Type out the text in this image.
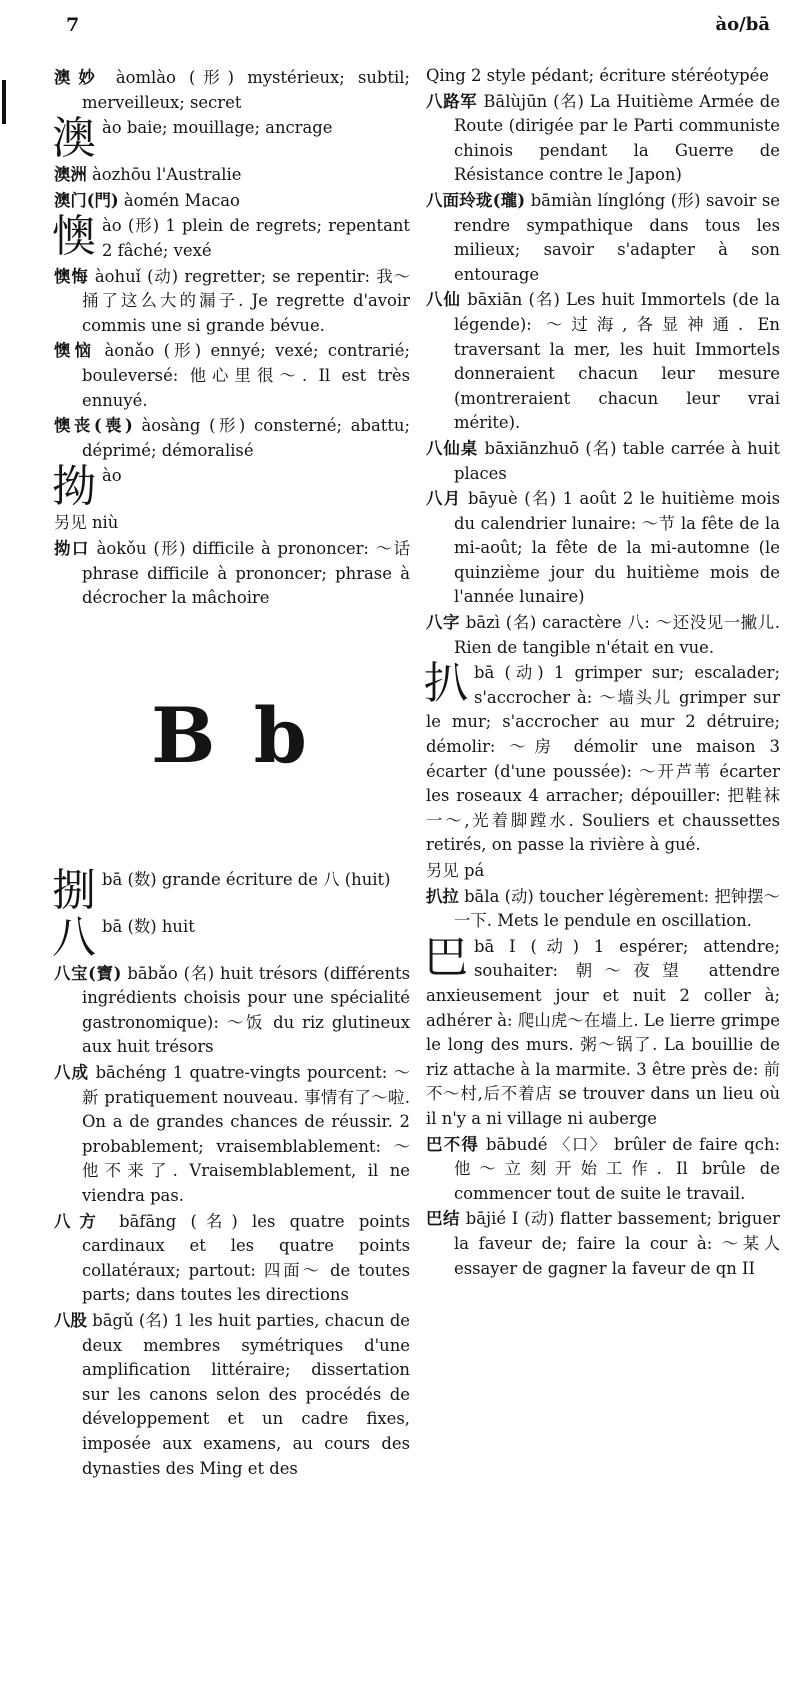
7	ào/bā
澳妙 àomlào (形) mystérieux; subtil; merveilleux; secret
澳ào baie; mouillage; ancrage
澳洲 àozhōu l'Australie
澳门(門) àomén Macao
懊ào (形) 1 plein de regrets; repentant 2 fâché; vexé
懊悔 àohuǐ (动) regretter; se repentir: 我～捅了这么大的漏子. Je regrette d'avoir commis une si grande bévue.
懊恼 àonǎo (形) ennyé; vexé; contrarié; bouleversé: 他心里很～. Il est très ennuyé.
懊丧(喪) àosàng (形) consterné; abattu; déprimé; démoralisé
拗ào
另见 niù
拗口 àokǒu (形) difficile à prononcer: ～话 phrase difficile à prononcer; phrase à décrocher la mâchoire
B b
捌bā (数) grande écriture de 八 (huit)
八bā (数) huit
八宝(寶) bābǎo (名) huit trésors (différents ingrédients choisis pour une spécialité gastronomique): ～饭 du riz glutineux aux huit trésors
八成 bāchéng 1 quatre-vingts pourcent: ～新 pratiquement nouveau. 事情有了～啦. On a de grandes chances de réussir. 2 probablement; vraisemblablement: ～他不来了. Vraisemblablement, il ne viendra pas.
八方 bāfāng (名) les quatre points cardinaux et les quatre points collatéraux; partout: 四面～ de toutes parts; dans toutes les directions
八股 bāgǔ (名) 1 les huit parties, chacun de deux membres symétriques d'une amplification littéraire; dissertation sur les canons selon des procédés de développement et un cadre fixes, imposée aux examens, au cours des dynasties des Ming et des
Qing 2 style pédant; écriture stéréotypée
八路军 Bālùjūn (名) La Huitième Armée de Route (dirigée par le Parti communiste chinois pendant la Guerre de Résistance contre le Japon)
八面玲珑(瓏) bāmiàn línglóng (形) savoir se rendre sympathique dans tous les milieux; savoir s'adapter à son entourage
八仙 bāxiān (名) Les huit Immortels (de la légende): ～过海,各显神通. En traversant la mer, les huit Immortels donneraient chacun leur mesure (montreraient chacun leur vrai mérite).
八仙桌 bāxiānzhuō (名) table carrée à huit places
八月 bāyuè (名) 1 août 2 le huitième mois du calendrier lunaire: ～节 la fête de la mi-août; la fête de la mi-automne (le quinzième jour du huitième mois de l'année lunaire)
八字 bāzì (名) caractère 八: ～还没见一撇儿. Rien de tangible n'était en vue.
扒bā (动) 1 grimper sur; escalader; s'accrocher à: ～墙头儿 grimper sur le mur; s'accrocher au mur 2 détruire; démolir: ～房 démolir une maison 3 écarter (d'une poussée): ～开芦苇 écarter les roseaux 4 arracher; dépouiller: 把鞋袜一～,光着脚蹚水. Souliers et chaussettes retirés, on passe la rivière à gué.
另见 pá
扒拉 bāla (动) toucher légèrement: 把钟摆～一下. Mets le pendule en oscillation.
巴bā I (动) 1 espérer; attendre; souhaiter: 朝～夜望 attendre anxieusement jour et nuit 2 coller à; adhérer à: 爬山虎～在墙上. Le lierre grimpe le long des murs. 粥～锅了. La bouillie de riz attache à la marmite. 3 être près de: 前不～村,后不着店 se trouver dans un lieu où il n'y a ni village ni auberge
巴不得 bābudé 〈口〉 brûler de faire qch: 他～立刻开始工作. Il brûle de commencer tout de suite le travail.
巴结 bājié I (动) flatter bassement; briguer la faveur de; faire la cour à: ～某人 essayer de gagner la faveur de qn II
